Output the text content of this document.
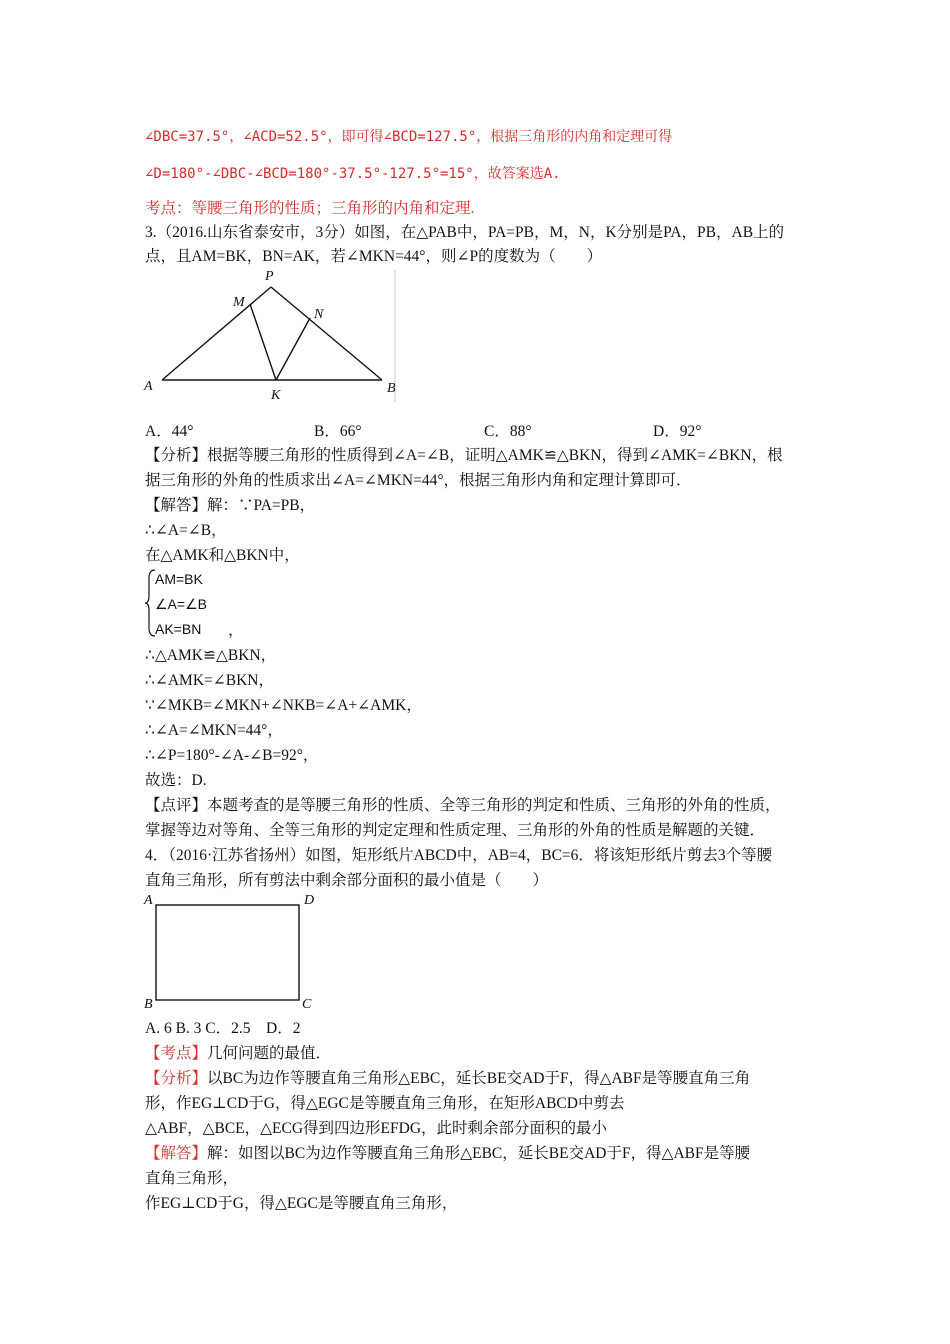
∠DBC=37.5°，∠ACD=52.5°，即可得∠BCD=127.5°，根据三角形的内角和定理可得
∠D=180°-∠DBC-∠BCD=180°-37.5°-127.5°=15°，故答案选A.
考点：等腰三角形的性质；三角形的内角和定理.
3.（2016.山东省泰安市，3分）如图，在△PAB中，PA=PB，M，N，K分别是PA，PB，AB上的
点，且AM=BK，BN=AK，若∠MKN=44°，则∠P的度数为（　　）
P
M
N
A
K	B
A．44°	B．66°	C．88°	D．92°
【分析】根据等腰三角形的性质得到∠A=∠B，证明△AMK≌△BKN，得到∠AMK=∠BKN，根
据三角形的外角的性质求出∠A=∠MKN=44°，根据三角形内角和定理计算即可．
【解答】解：∵PA=PB，
∴∠A=∠B，
在△AMK和△BKN中，
AM=BK
∠A=∠B
AK=BN ，
∴△AMK≌△BKN，
∴∠AMK=∠BKN，
∵∠MKB=∠MKN+∠NKB=∠A+∠AMK，
∴∠A=∠MKN=44°，
∴∠P=180°-∠A-∠B=92°，
故选：D.
【点评】本题考查的是等腰三角形的性质、全等三角形的判定和性质、三角形的外角的性质，
掌握等边对等角、全等三角形的判定定理和性质定理、三角形的外角的性质是解题的关键．
4．（2016·江苏省扬州）如图，矩形纸片ABCD中，AB=4，BC=6．将该矩形纸片剪去3个等腰
直角三角形，所有剪法中剩余部分面积的最小值是（　　）
A	D
B	C
A. 6 B. 3 C．2.5　D．2
【考点】几何问题的最值．
【分析】以BC为边作等腰直角三角形△EBC，延长BE交AD于F，得△ABF是等腰直角三角
形，作EG⊥CD于G，得△EGC是等腰直角三角形，在矩形ABCD中剪去
△ABF，△BCE，△ECG得到四边形EFDG，此时剩余部分面积的最小
【解答】解：如图以BC为边作等腰直角三角形△EBC，延长BE交AD于F，得△ABF是等腰
直角三角形，
作EG⊥CD于G，得△EGC是等腰直角三角形，
